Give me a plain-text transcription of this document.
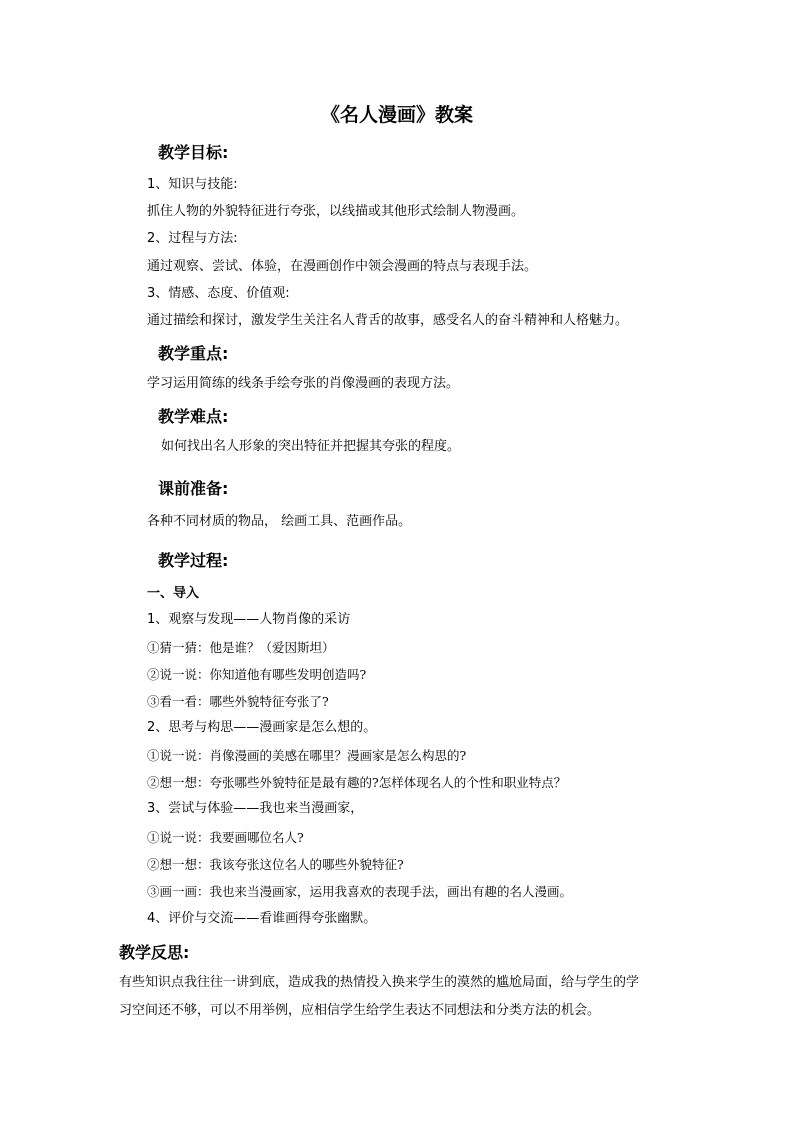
《名人漫画》教案
教学目标:
1、知识与技能:
抓住人物的外貌特征进行夸张，以线描或其他形式绘制人物漫画。
2、过程与方法:
通过观察、尝试、体验，在漫画创作中领会漫画的特点与表现手法。
3、情感、态度、价值观:
通过描绘和探讨，激发学生关注名人背舌的故事，感受名人的奋斗精神和人格魅力。
教学重点:
学习运用简练的线条手绘夸张的肖像漫画的表现方法。
教学难点:
如何找出名人形象的突出特征并把握其夸张的程度。
课前准备:
各种不同材质的物品， 绘画工具、范画作品。
教学过程:
一、导入
1、观察与发现——人物肖像的采访
①猜一猜：他是谁？（爱因斯坦）
②说一说：你知道他有哪些发明创造吗?
③看一看：哪些外貌特征夸张了?
2、思考与构思——漫画家是怎么想的。
①说一说：肖像漫画的美感在哪里？漫画家是怎么构思的?
②想一想：夸张哪些外貌特征是最有趣的?怎样体现名人的个性和职业特点？
3、尝试与体验——我也来当漫画家，
①说一说：我要画哪位名人?
②想一想：我该夸张这位名人的哪些外貌特征?
③画一画：我也来当漫画家，运用我喜欢的表现手法，画出有趣的名人漫画。
4、评价与交流——看谁画得夸张幽默。
教学反思:
有些知识点我往往一讲到底，造成我的热情投入换来学生的漠然的尴尬局面，给与学生的学
习空间还不够，可以不用举例，应相信学生给学生表达不同想法和分类方法的机会。
